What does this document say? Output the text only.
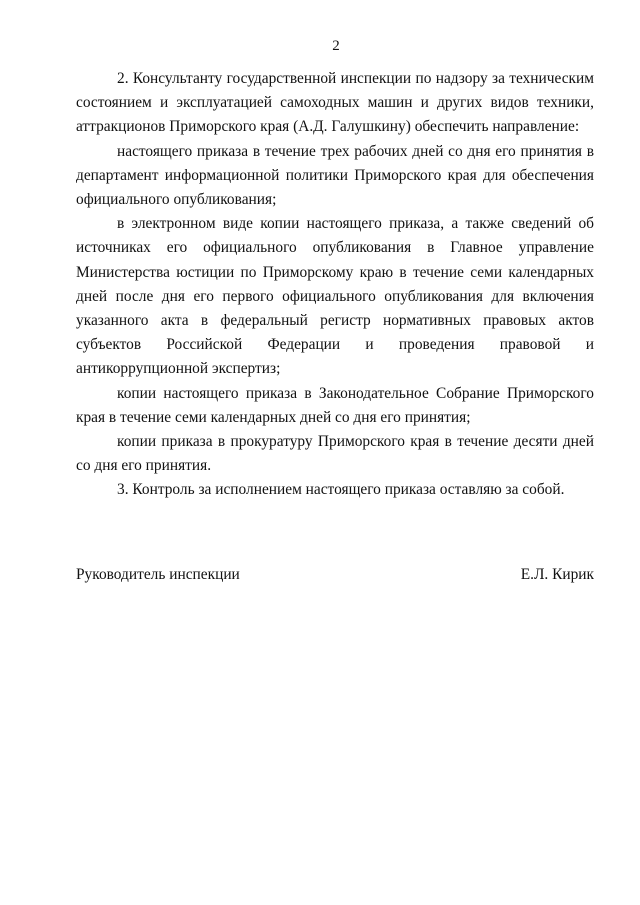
2

2. Консультанту государственной инспекции по надзору за техническим состоянием и эксплуатацией самоходных машин и других видов техники, аттракционов Приморского края (А.Д. Галушкину) обеспечить направление:

настоящего приказа в течение трех рабочих дней со дня его принятия в департамент информационной политики Приморского края для обеспечения официального опубликования;

в электронном виде копии настоящего приказа, а также сведений об источниках его официального опубликования в Главное управление Министерства юстиции по Приморскому краю в течение семи календарных дней после дня его первого официального опубликования для включения указанного акта в федеральный регистр нормативных правовых актов субъектов Российской Федерации и проведения правовой и антикоррупционной экспертиз;

копии настоящего приказа в Законодательное Собрание Приморского края в течение семи календарных дней со дня его принятия;

копии приказа в прокуратуру Приморского края в течение десяти дней со дня его принятия.

3. Контроль за исполнением настоящего приказа оставляю за собой.

Руководитель инспекции	Е.Л. Кирик
